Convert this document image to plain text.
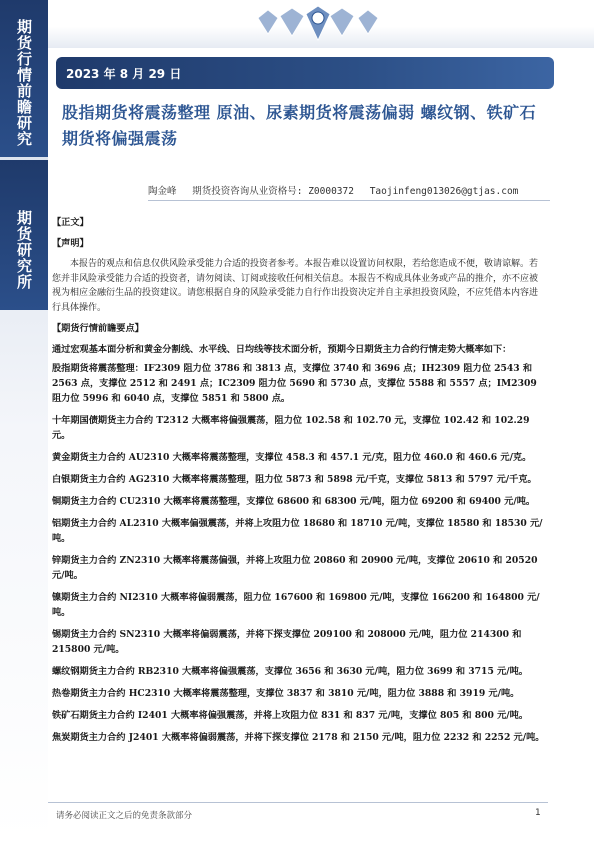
期货行情前瞻研究
期货研究所
2023 年 8 月 29 日
股指期货将震荡整理 原油、尿素期货将震荡偏弱 螺纹钢、铁矿石期货将偏强震荡
陶金峰 期货投资咨询从业资格号: Z0000372 Taojinfeng013026@gtjas.com
【正文】
【声明】
本报告的观点和信息仅供风险承受能力合适的投资者参考。本报告难以设置访问权限，若给您造成不便，敬请谅解。若您并非风险承受能力合适的投资者，请勿阅读、订阅或接收任何相关信息。本报告不构成具体业务或产品的推介，亦不应被视为相应金融衍生品的投资建议。请您根据自身的风险承受能力自行作出投资决定并自主承担投资风险，不应凭借本内容进行具体操作。
【期货行情前瞻要点】
通过宏观基本面分析和黄金分割线、水平线、日均线等技术面分析，预期今日期货主力合约行情走势大概率如下：
股指期货将震荡整理：IF2309 阻力位 3786 和 3813 点，支撑位 3740 和 3696 点；IH2309 阻力位 2543 和 2563 点，支撑位 2512 和 2491 点；IC2309 阻力位 5690 和 5730 点，支撑位 5588 和 5557 点；IM2309 阻力位 5996 和 6040 点，支撑位 5851 和 5800 点。
十年期国债期货主力合约 T2312 大概率将偏强震荡，阻力位 102.58 和 102.70 元，支撑位 102.42 和 102.29 元。
黄金期货主力合约 AU2310 大概率将震荡整理，支撑位 458.3 和 457.1 元/克，阻力位 460.0 和 460.6 元/克。
白银期货主力合约 AG2310 大概率将震荡整理，阻力位 5873 和 5898 元/千克，支撑位 5813 和 5797 元/千克。
铜期货主力合约 CU2310 大概率将震荡整理，支撑位 68600 和 68300 元/吨，阻力位 69200 和 69400 元/吨。
铝期货主力合约 AL2310 大概率偏强震荡，并将上攻阻力位 18680 和 18710 元/吨，支撑位 18580 和 18530 元/吨。
锌期货主力合约 ZN2310 大概率将震荡偏强，并将上攻阻力位 20860 和 20900 元/吨，支撑位 20610 和 20520 元/吨。
镍期货主力合约 NI2310 大概率将偏弱震荡，阻力位 167600 和 169800 元/吨，支撑位 166200 和 164800 元/吨。
锡期货主力合约 SN2310 大概率将偏弱震荡，并将下探支撑位 209100 和 208000 元/吨，阻力位 214300 和 215800 元/吨。
螺纹钢期货主力合约 RB2310 大概率将偏强震荡，支撑位 3656 和 3630 元/吨，阻力位 3699 和 3715 元/吨。
热卷期货主力合约 HC2310 大概率将震荡整理，支撑位 3837 和 3810 元/吨，阻力位 3888 和 3919 元/吨。
铁矿石期货主力合约 I2401 大概率将偏强震荡，并将上攻阻力位 831 和 837 元/吨，支撑位 805 和 800 元/吨。
焦炭期货主力合约 J2401 大概率将偏弱震荡，并将下探支撑位 2178 和 2150 元/吨，阻力位 2232 和 2252 元/吨。
请务必阅读正文之后的免责条款部分	1
